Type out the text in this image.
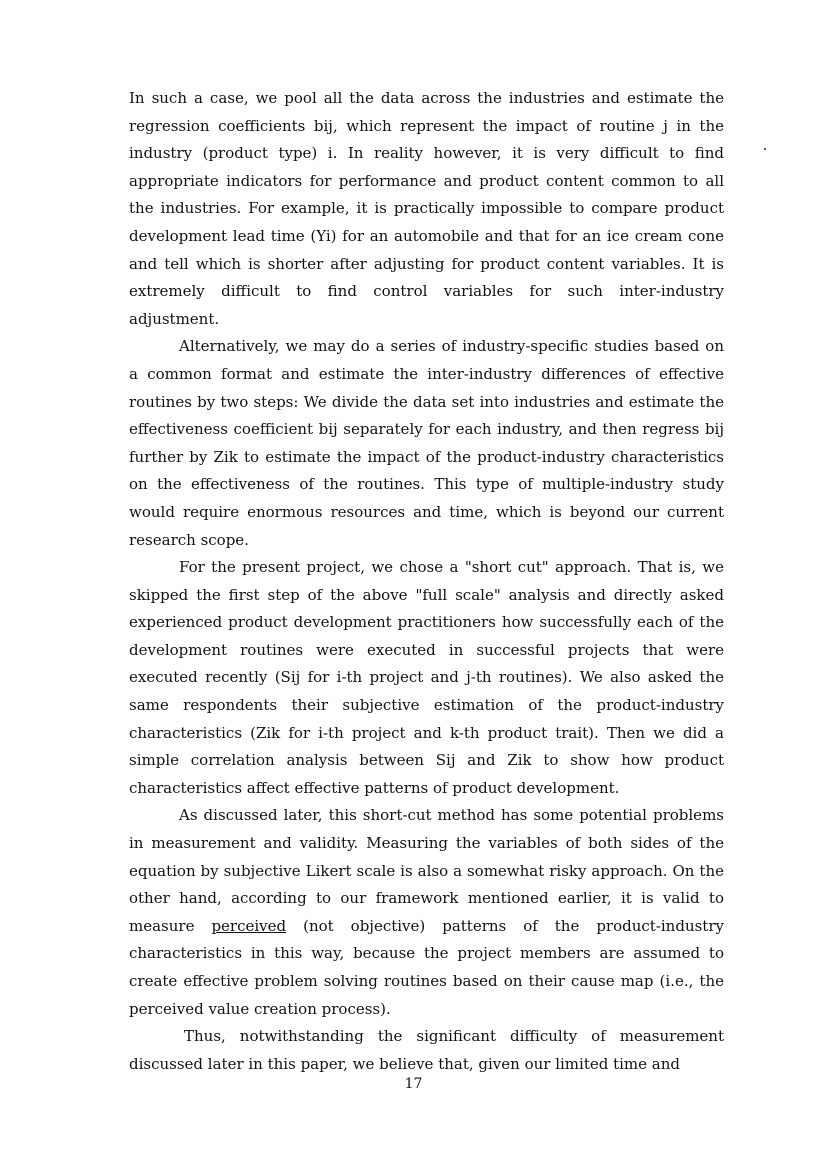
In such a case, we pool all the data across the industries and estimate the regression coefficients bij, which represent the impact of routine j in the industry (product type) i. In reality however, it is very difficult to find appropriate indicators for performance and product content common to all the industries. For example, it is practically impossible to compare product development lead time (Yi) for an automobile and that for an ice cream cone and tell which is shorter after adjusting for product content variables. It is extremely difficult to find control variables for such inter-industry adjustment.

Alternatively, we may do a series of industry-specific studies based on a common format and estimate the inter-industry differences of effective routines by two steps: We divide the data set into industries and estimate the effectiveness coefficient bij separately for each industry, and then regress bij further by Zik to estimate the impact of the product-industry characteristics on the effectiveness of the routines. This type of multiple-industry study would require enormous resources and time, which is beyond our current research scope.

For the present project, we chose a "short cut" approach. That is, we skipped the first step of the above "full scale" analysis and directly asked experienced product development practitioners how successfully each of the development routines were executed in successful projects that were executed recently (Sij for i-th project and j-th routines). We also asked the same respondents their subjective estimation of the product-industry characteristics (Zik for i-th project and k-th product trait). Then we did a simple correlation analysis between Sij and Zik to show how product characteristics affect effective patterns of product development.

As discussed later, this short-cut method has some potential problems in measurement and validity. Measuring the variables of both sides of the equation by subjective Likert scale is also a somewhat risky approach. On the other hand, according to our framework mentioned earlier, it is valid to measure perceived (not objective) patterns of the product-industry characteristics in this way, because the project members are assumed to create effective problem solving routines based on their cause map (i.e., the perceived value creation process).

Thus, notwithstanding the significant difficulty of measurement discussed later in this paper, we believe that, given our limited time and

17
